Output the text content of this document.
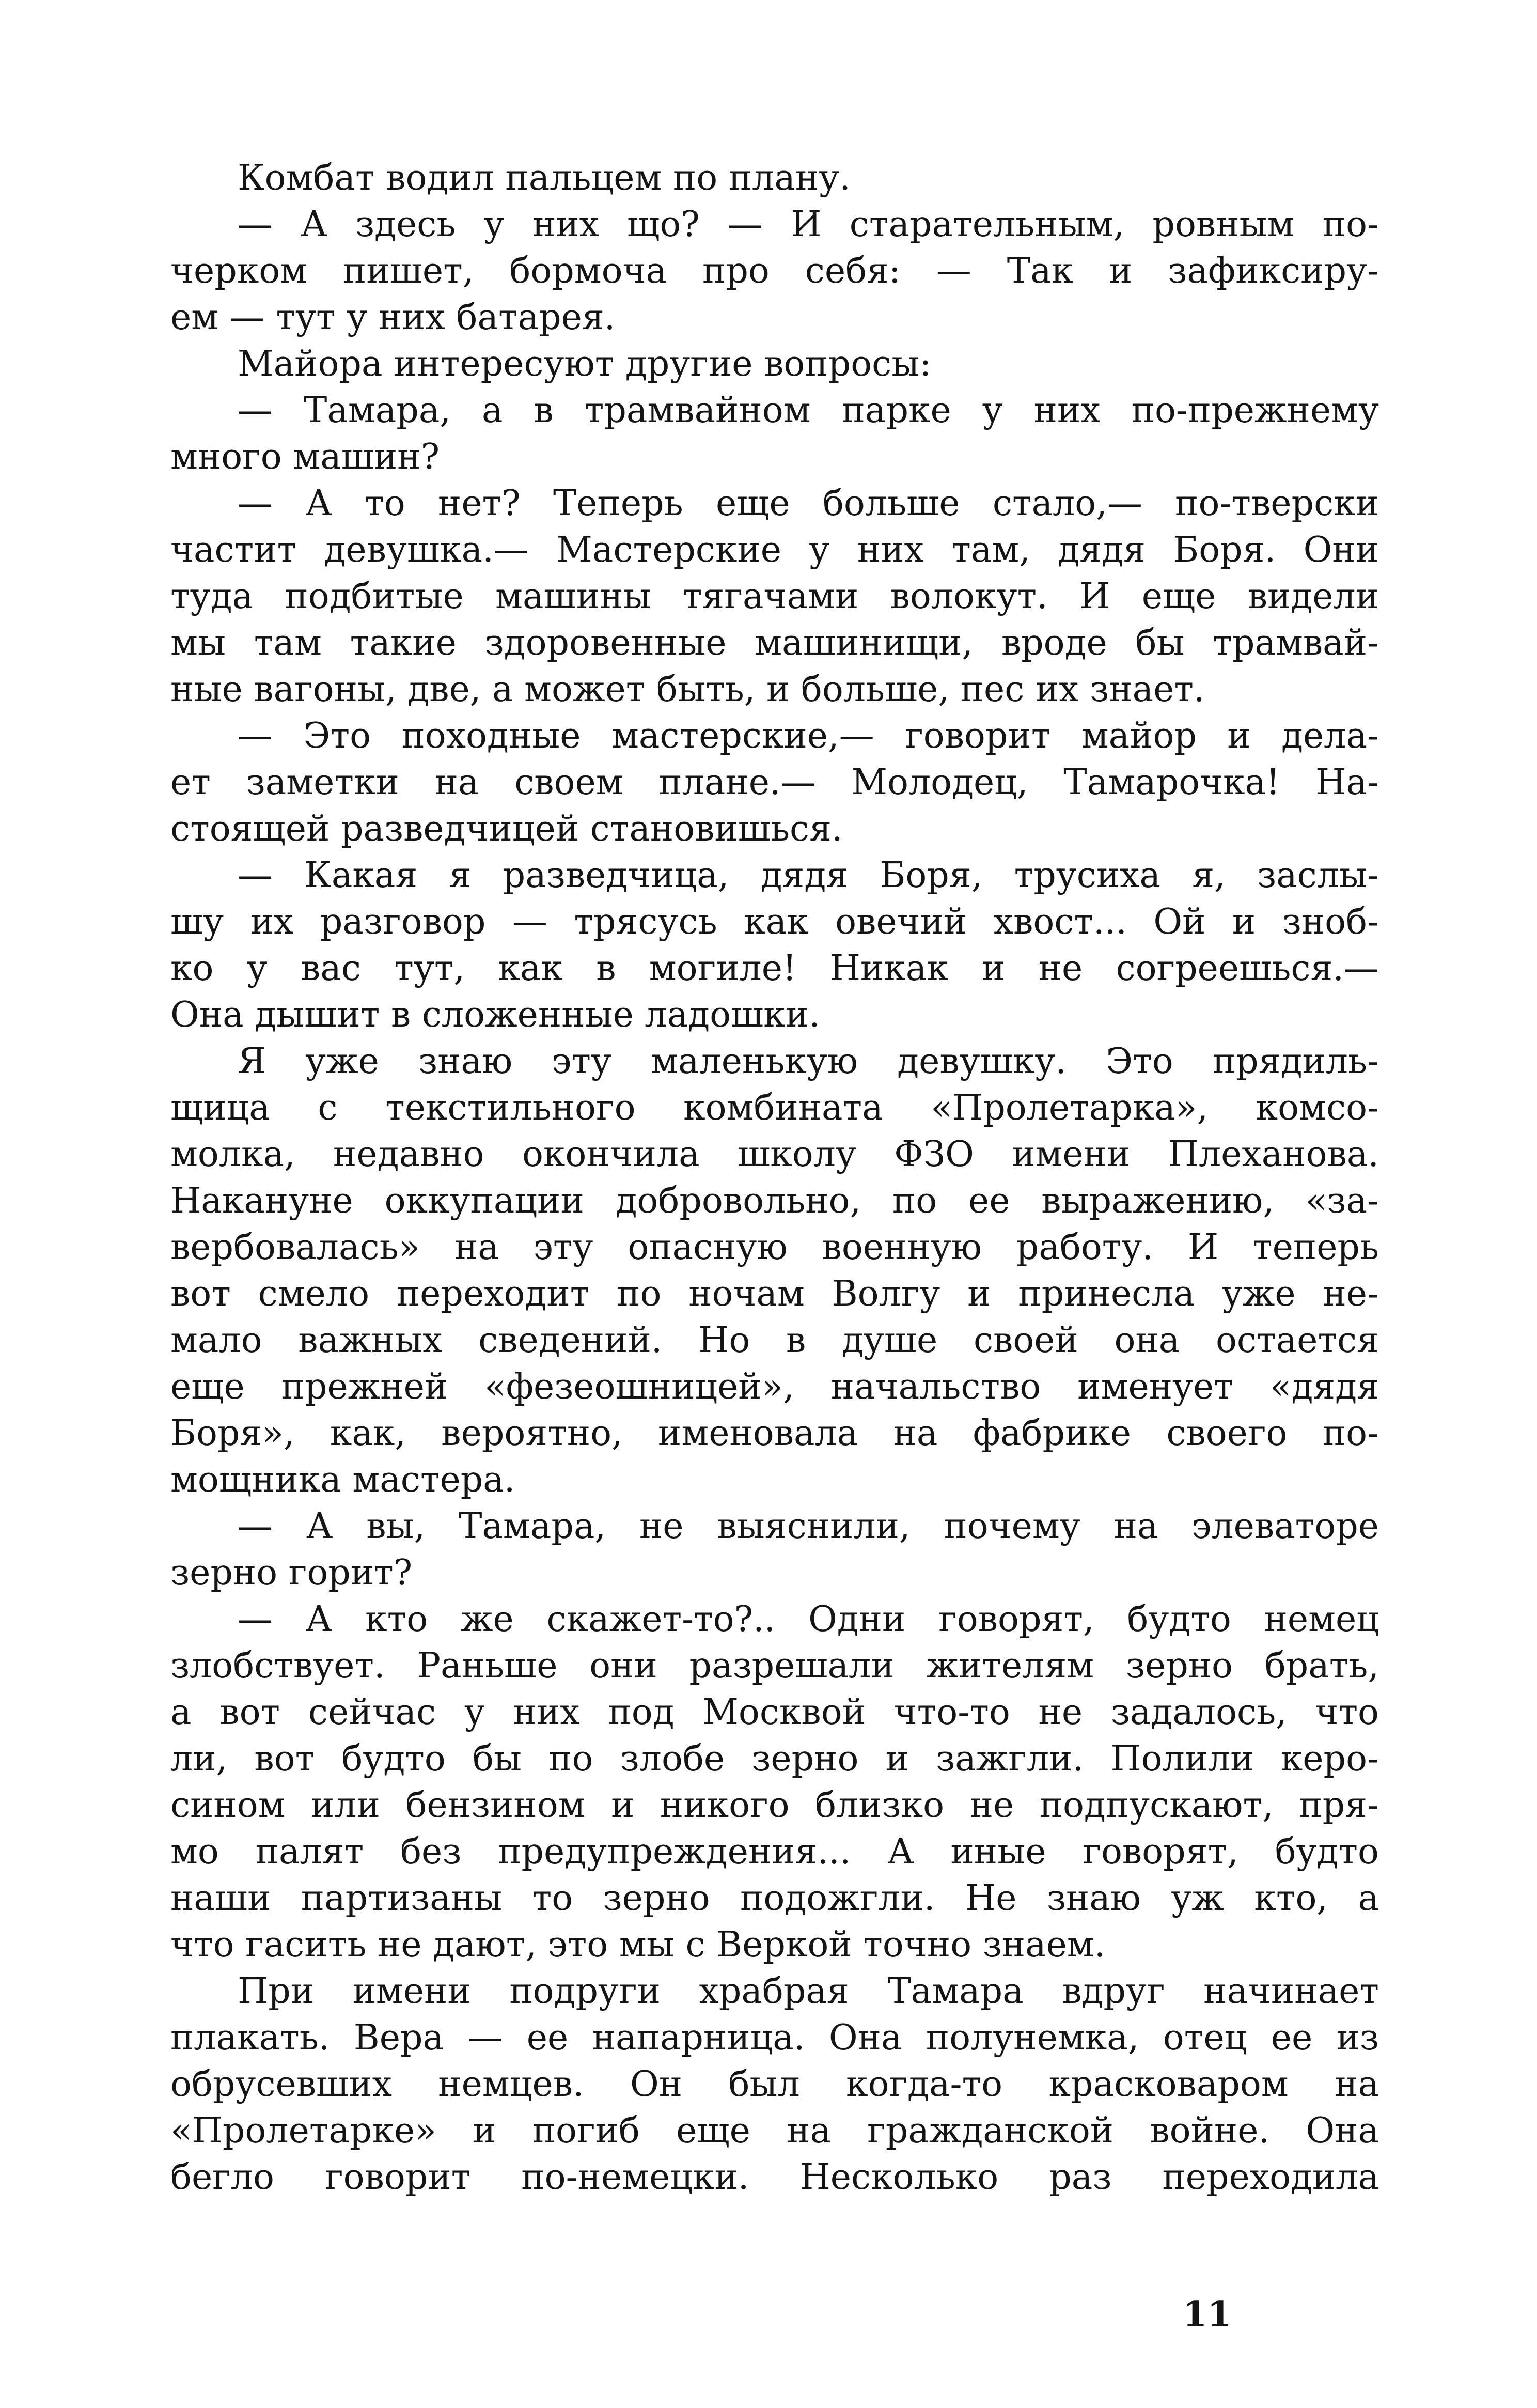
Комбат водил пальцем по плану.
— А здесь у них що? — И старательным, ровным по-
черком пишет, бормоча про себя: — Так и зафиксиру-
ем — тут у них батарея.
Майора интересуют другие вопросы:
— Тамара, а в трамвайном парке у них по-прежнему
много машин?
— А то нет? Теперь еще больше стало,— по-тверски
частит девушка.— Мастерские у них там, дядя Боря. Они
туда подбитые машины тягачами волокут. И еще видели
мы там такие здоровенные машинищи, вроде бы трамвай-
ные вагоны, две, а может быть, и больше, пес их знает.
— Это походные мастерские,— говорит майор и дела-
ет заметки на своем плане.— Молодец, Тамарочка! На-
стоящей разведчицей становишься.
— Какая я разведчица, дядя Боря, трусиха я, заслы-
шу их разговор — трясусь как овечий хвост... Ой и зноб-
ко у вас тут, как в могиле! Никак и не согреешься.—
Она дышит в сложенные ладошки.
Я уже знаю эту маленькую девушку. Это прядиль-
щица с текстильного комбината «Пролетарка», комсо-
молка, недавно окончила школу ФЗО имени Плеханова.
Накануне оккупации добровольно, по ее выражению, «за-
вербовалась» на эту опасную военную работу. И теперь
вот смело переходит по ночам Волгу и принесла уже не-
мало важных сведений. Но в душе своей она остается
еще прежней «фезеошницей», начальство именует «дядя
Боря», как, вероятно, именовала на фабрике своего по-
мощника мастера.
— А вы, Тамара, не выяснили, почему на элеваторе
зерно горит?
— А кто же скажет-то?.. Одни говорят, будто немец
злобствует. Раньше они разрешали жителям зерно брать,
а вот сейчас у них под Москвой что-то не задалось, что
ли, вот будто бы по злобе зерно и зажгли. Полили керо-
сином или бензином и никого близко не подпускают, пря-
мо палят без предупреждения... А иные говорят, будто
наши партизаны то зерно подожгли. Не знаю уж кто, а
что гасить не дают, это мы с Веркой точно знаем.
При имени подруги храбрая Тамара вдруг начинает
плакать. Вера — ее напарница. Она полунемка, отец ее из
обрусевших немцев. Он был когда-то красковаром на
«Пролетарке» и погиб еще на гражданской войне. Она
бегло говорит по-немецки. Несколько раз переходила
11
